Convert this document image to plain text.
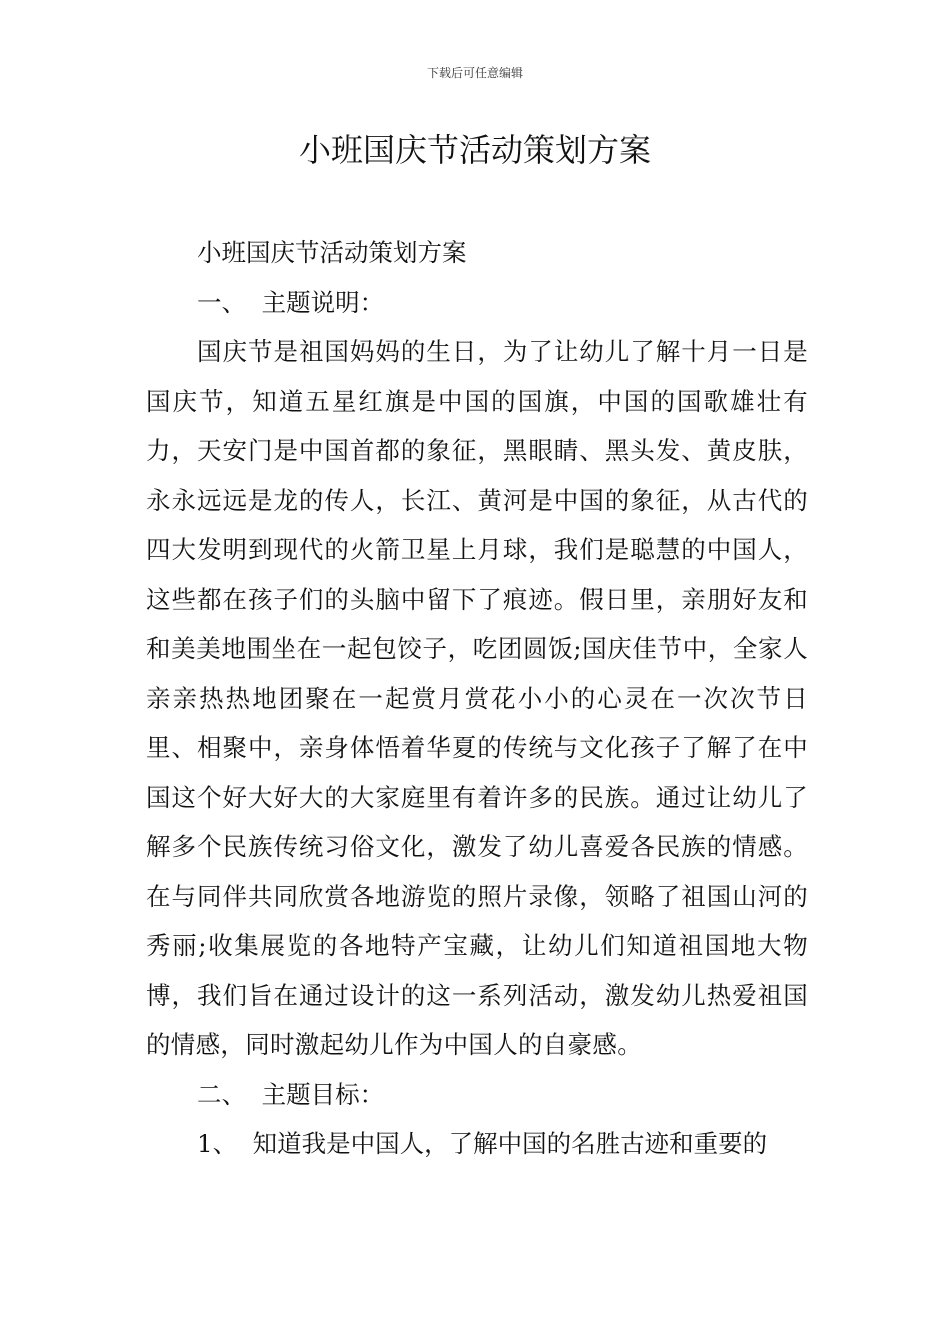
下载后可任意编辑
小班国庆节活动策划方案

小班国庆节活动策划方案

一、  主题说明：

国庆节是祖国妈妈的生日，为了让幼儿了解十月一日是国庆节，知道五星红旗是中国的国旗，中国的国歌雄壮有力，天安门是中国首都的象征，黑眼睛、黑头发、黄皮肤，永永远远是龙的传人，长江、黄河是中国的象征，从古代的四大发明到现代的火箭卫星上月球，我们是聪慧的中国人，这些都在孩子们的头脑中留下了痕迹。假日里，亲朋好友和和美美地围坐在一起包饺子，吃团圆饭;国庆佳节中，全家人亲亲热热地团聚在一起赏月赏花小小的心灵在一次次节日里、相聚中，亲身体悟着华夏的传统与文化孩子了解了在中国这个好大好大的大家庭里有着许多的民族。通过让幼儿了解多个民族传统习俗文化，激发了幼儿喜爱各民族的情感。在与同伴共同欣赏各地游览的照片录像，领略了祖国山河的秀丽;收集展览的各地特产宝藏，让幼儿们知道祖国地大物博，我们旨在通过设计的这一系列活动，激发幼儿热爱祖国的情感，同时激起幼儿作为中国人的自豪感。

二、  主题目标：

1、  知道我是中国人，了解中国的名胜古迹和重要的
